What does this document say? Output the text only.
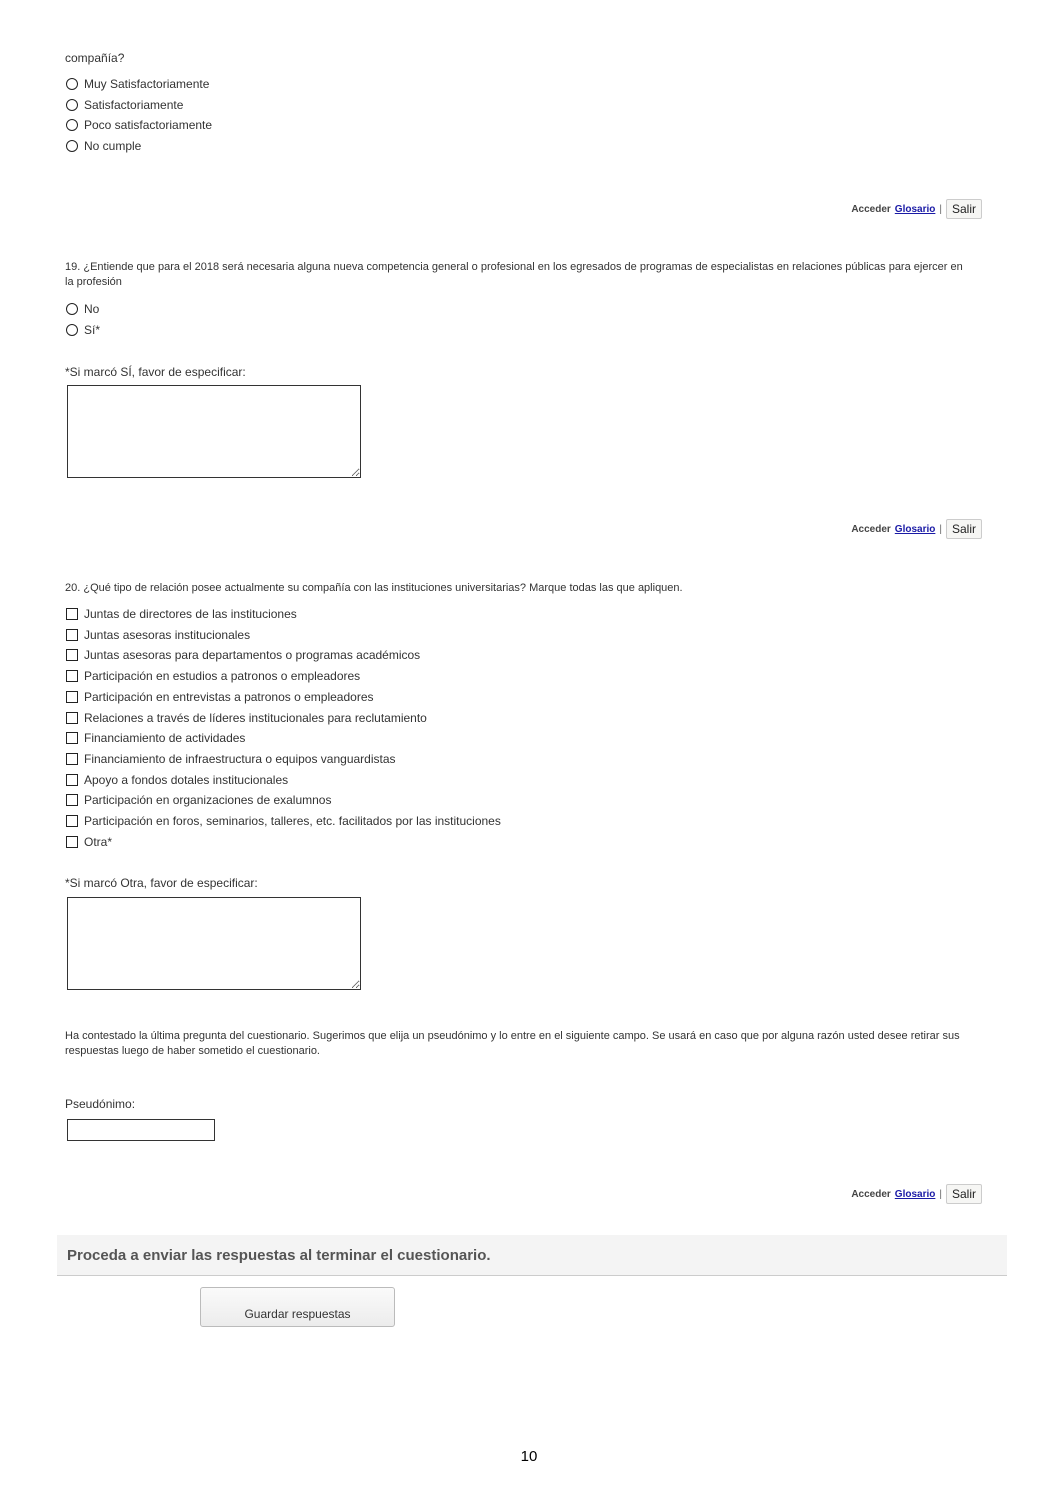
compañía?
Muy Satisfactoriamente
Satisfactoriamente
Poco satisfactoriamente
No cumple
Acceder Glosario | Salir
19. ¿Entiende que para el 2018 será necesaria alguna nueva competencia general o profesional en los egresados de programas de especialistas en relaciones públicas para ejercer en la profesión
No
Sí*
*Si marcó SÍ, favor de especificar:
Acceder Glosario | Salir
20. ¿Qué tipo de relación posee actualmente su compañía con las instituciones universitarias? Marque todas las que apliquen.
Juntas de directores de las instituciones
Juntas asesoras institucionales
Juntas asesoras para departamentos o programas académicos
Participación en estudios a patronos o empleadores
Participación en entrevistas a patronos o empleadores
Relaciones a través de líderes institucionales para reclutamiento
Financiamiento de actividades
Financiamiento de infraestructura o equipos vanguardistas
Apoyo a fondos dotales institucionales
Participación en organizaciones de exalumnos
Participación en foros, seminarios, talleres, etc. facilitados por las instituciones
Otra*
*Si marcó Otra, favor de especificar:
Ha contestado la última pregunta del cuestionario. Sugerimos que elija un pseudónimo y lo entre en el siguiente campo. Se usará en caso que por alguna razón usted desee retirar sus respuestas luego de haber sometido el cuestionario.
Pseudónimo:
Acceder Glosario | Salir
Proceda a enviar las respuestas al terminar el cuestionario.
Guardar respuestas
10
